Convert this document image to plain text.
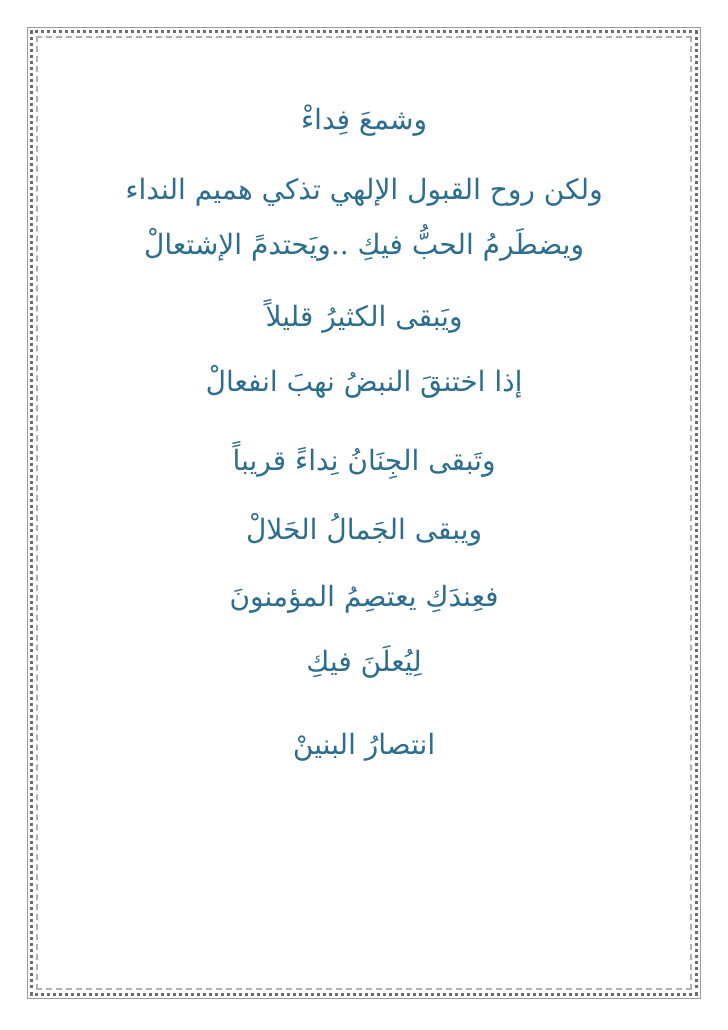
وشمعَ فِداءْ
ولكن روح القبول الإلهي تذكي هميم النداء
ويضطَرمُ الحبُّ فيكِ ..ويَحتدمً الإشتعالْ
ويَبقى الكثيرُ قليلاً
إذا اختنقَ النبضُ نهبَ انفعالْ
وتَبقى الجِنَانُ نِداءً قريباً
ويبقى الجَمالُ الحَلالْ
فعِندَكِ يعتصِمُ المؤمنونَ
لِيُعلَنَ فيكِ
انتصارُ البنينْ
